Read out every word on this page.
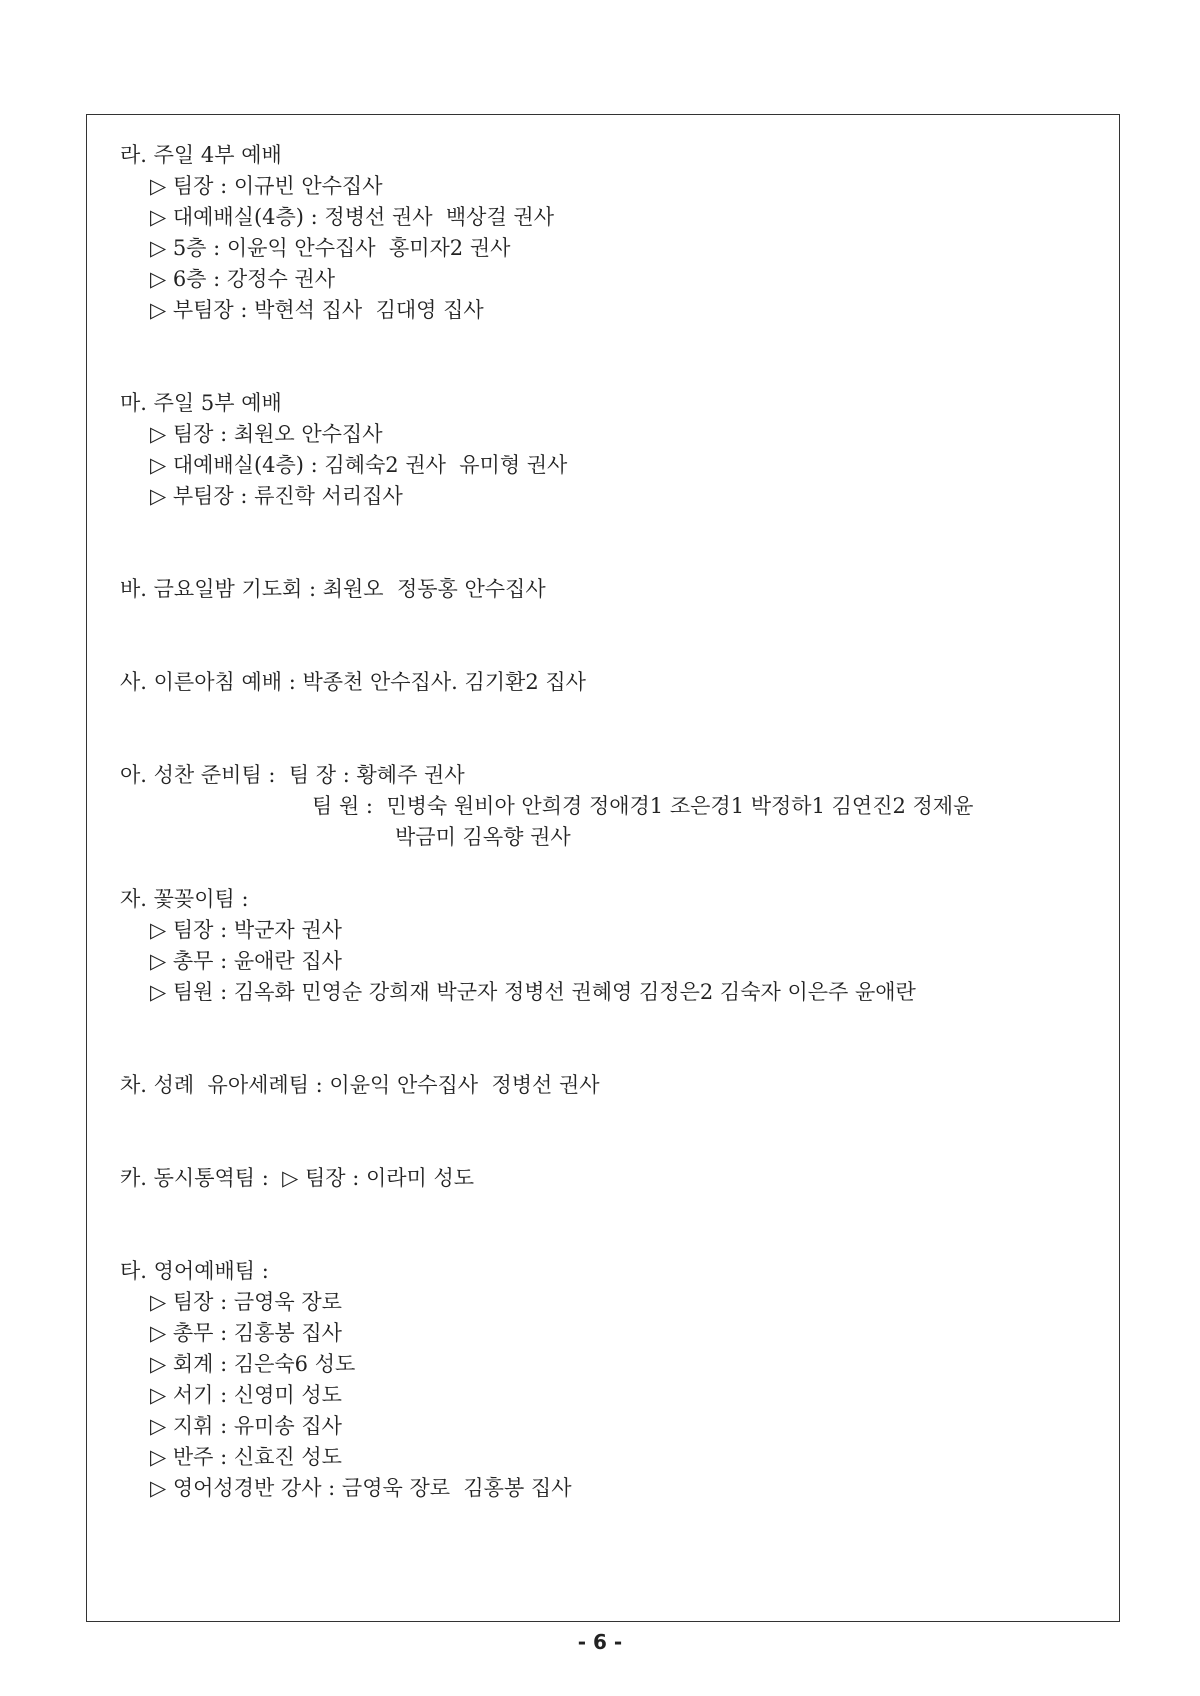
라. 주일 4부 예배
▷ 팀장 : 이규빈 안수집사
▷ 대예배실(4층) : 정병선 권사  백상걸 권사
▷ 5층 : 이윤익 안수집사  홍미자2 권사
▷ 6층 : 강정수 권사
▷ 부팀장 : 박현석 집사  김대영 집사
마. 주일 5부 예배
▷ 팀장 : 최원오 안수집사
▷ 대예배실(4층) : 김혜숙2 권사  유미형 권사
▷ 부팀장 : 류진학 서리집사
바. 금요일밤 기도회 : 최원오  정동홍 안수집사
사. 이른아침 예배 : 박종천 안수집사. 김기환2 집사
아. 성찬 준비팀 :  팀 장 : 황혜주 권사
팀 원 :  민병숙 원비아 안희경 정애경1 조은경1 박정하1 김연진2 정제윤
박금미 김옥향 권사
자. 꽃꽂이팀 :
▷ 팀장 : 박군자 권사
▷ 총무 : 윤애란 집사
▷ 팀원 : 김옥화 민영순 강희재 박군자 정병선 권혜영 김정은2 김숙자 이은주 윤애란
차. 성례  유아세례팀 : 이윤익 안수집사  정병선 권사
카. 동시통역팀 :  ▷ 팀장 : 이라미 성도
타. 영어예배팀 :
▷ 팀장 : 금영욱 장로
▷ 총무 : 김홍봉 집사
▷ 회계 : 김은숙6 성도
▷ 서기 : 신영미 성도
▷ 지휘 : 유미송 집사
▷ 반주 : 신효진 성도
▷ 영어성경반 강사 : 금영욱 장로  김홍봉 집사
- 6 -
